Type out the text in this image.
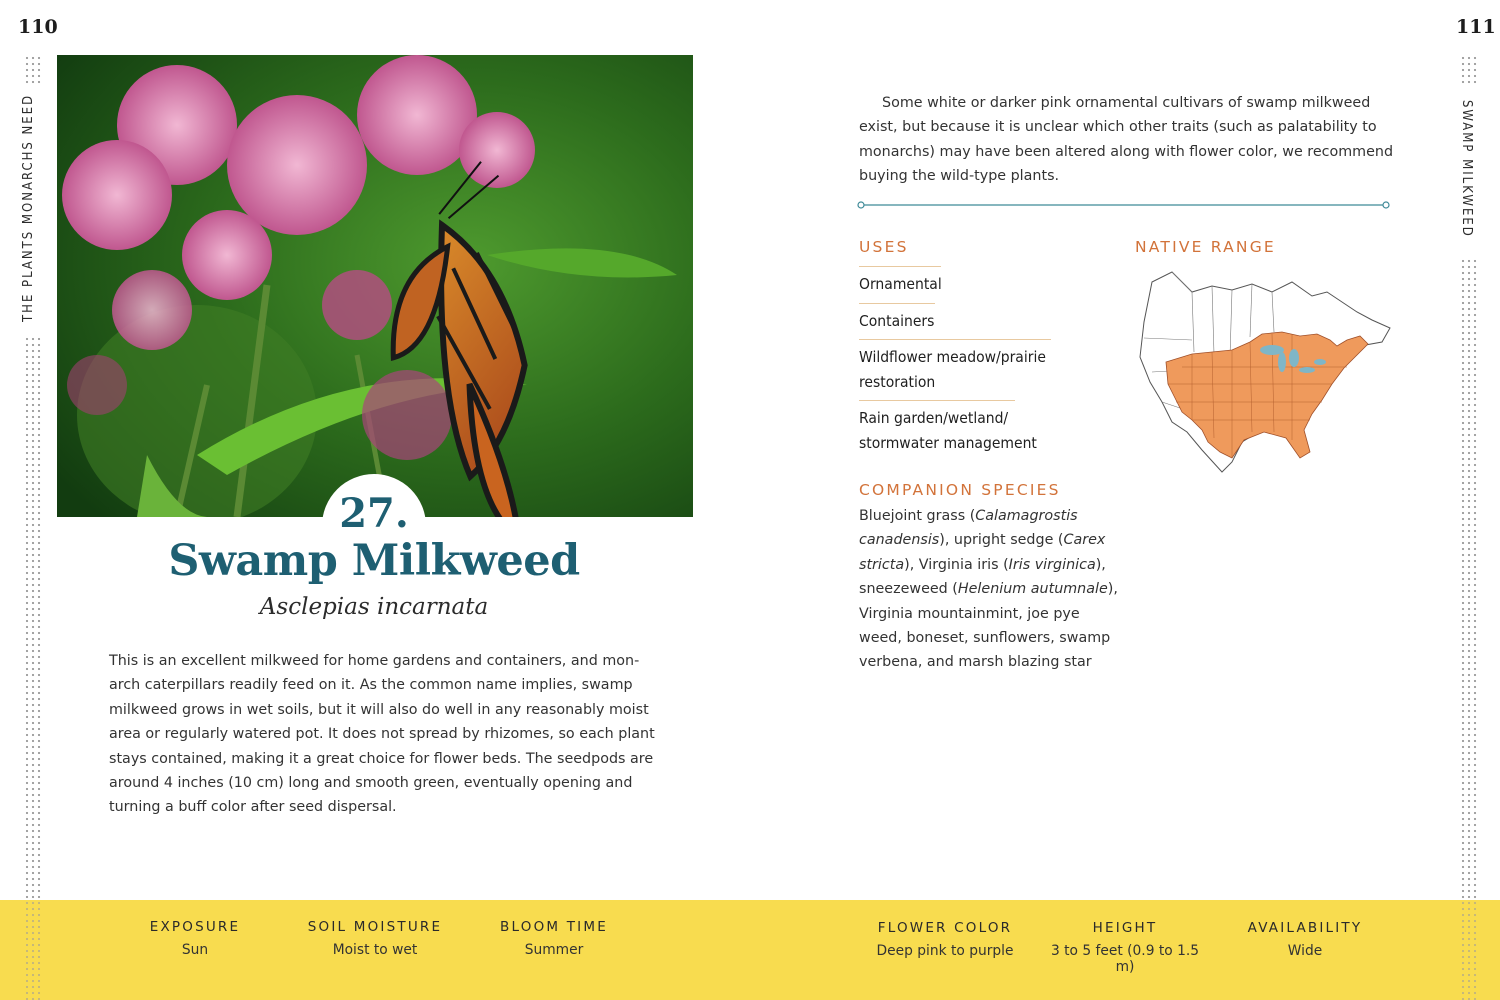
110
THE PLANTS MONARCHS NEED
27.
Swamp Milkweed
Asclepias incarnata
This is an excellent milkweed for home gardens and containers, and mon-
arch caterpillars readily feed on it. As the common name implies, swamp
milkweed grows in wet soils, but it will also do well in any reasonably moist
area or regularly watered pot. It does not spread by rhizomes, so each plant
stays contained, making it a great choice for flower beds. The seedpods are
around 4 inches (10 cm) long and smooth green, eventually opening and
turning a buff color after seed dispersal.
EXPOSURE
Sun
SOIL MOISTURE
Moist to wet
BLOOM TIME
Summer
111
SWAMP MILKWEED
Some white or darker pink ornamental cultivars of swamp milkweed
exist, but because it is unclear which other traits (such as palatability to
monarchs) may have been altered along with flower color, we recommend
buying the wild-type plants.
USES
Ornamental
Containers
Wildflower meadow/prairie
restoration
Rain garden/wetland/
stormwater management
COMPANION SPECIES
Bluejoint grass (Calamagrostis
canadensis), upright sedge (Carex
stricta), Virginia iris (Iris virginica),
sneezeweed (Helenium autumnale),
Virginia mountainmint, joe pye
weed, boneset, sunflowers, swamp
verbena, and marsh blazing star
NATIVE RANGE
FLOWER COLOR
Deep pink to purple
HEIGHT
3 to 5 feet (0.9 to 1.5 m)
AVAILABILITY
Wide
